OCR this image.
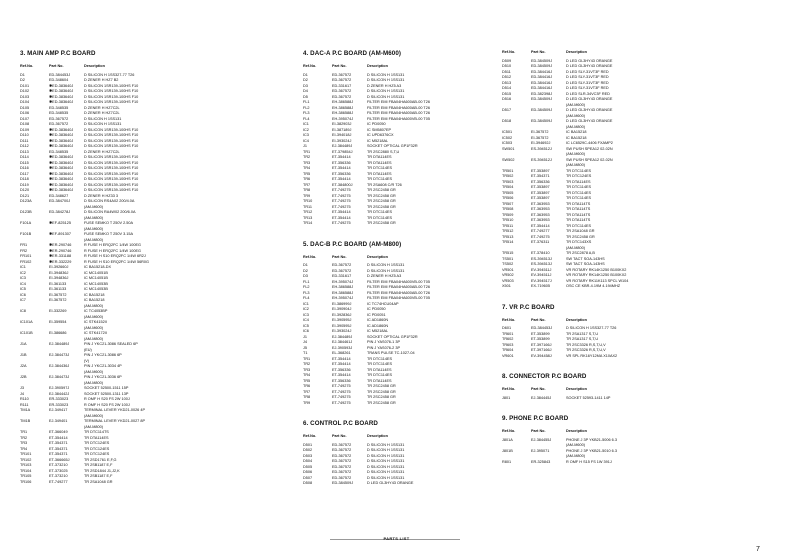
3. MAIN AMP P.C BOARD
Ref.No.	Part No.	Description
D1	ED-384453J	D SILICON H 1SS327-77 T26
D2	ED-348604	D ZENER H HZ7 B2
D101	✱ED-383640J	D SILICON 1SR139-100HS F10
D102	✱ED-383640J	D SILICON 1SR139-100HS F10
D103	✱ED-383640J	D SILICON 1SR139-100HS F10
D104	✱ED-383640J	D SILICON 1SR139-100HS F10
D105	ED-348535	D ZENER H HZ7C2L
D106	ED-348535	D ZENER H HZ7C2L
D107	ED-367572	D SILICON H 1SS131
D108	ED-367572	D SILICON H 1SS131
D109	✱ED-383640J	D SILICON 1SR139-100HS F10
D110	✱ED-383640J	D SILICON 1SR139-100HS F10
D111	✱ED-383640J	D SILICON 1SR139-100HS F10
D112	✱ED-383640J	D SILICON 1SR139-100HS F10
D113	ED-348535	D ZENER H HZ7C2L
D114	✱ED-383640J	D SILICON 1SR139-100HS F10
D115	✱ED-383640J	D SILICON 1SR139-100HS F10
D116	✱ED-383640J	D SILICON 1SR139-100HS F10
D117	✱ED-383640J	D SILICON 1SR139-100HS F10
D118	✱ED-383640J	D SILICON 1SR139-100HS F10
D119	✱ED-383640J	D SILICON 1SR139-100HS F10
D120	✱ED-383640J	D SILICON 1SR139-100HS F10
D121	ED-348627	D ZENER H HZ33 3
D123A	ED-384700J	D SILICON RS4A02 200/4.0A
(AM-M600)
D123B	ED-384278J	D SILICON RA4W02 200/6.0A
(AM-M800)
F101A	✱EF-825125	FUSE SEMKO T 250V 2.50A
(AM-M600)
F101B	✱EF-891307	FUSE SEMKO T 250V 3.15A
(AM-M800)
FR1	✱ER-290746	R FUSE H ERQ2FC 1/4W 100EG
FR2	✱ER-290746	R FUSE H ERQ2FC 1/4W 100EG
FR101	✱ER-331188	R FUSE H S10 ERQ2FC 1/4W 6R2J
FR102	✱ER-332229	R FUSE H S10 ERQ2FC 1/4W 56R0G
IC1	EI-392660J	IC BA15218-DX
IC2	EI-394836J	IC MC14051B
IC3	EI-394836J	IC MC14051B
IC4	EI-361133	IC MC14053B
IC5	EI-361133	IC MC14053B
IC6	EI-367572	IC BA15218
IC7	EI-367572	IC BA15218
(AM-M800)
IC8	EI-332269	IC TC4053BP
(AM-M600)
IC101A	EI-359554	IC STK4152II
(AM-M600)
IC101B	EI-386686	IC STK4172II
(AM-M800)
J1A	EJ-384489J	PIN J YKC21-3086 SEALED 6P
(EU)
J1B	EJ-384473J	PIN J YKC21-3086 6P
(V)
J2A	EJ-384436J	PIN J YKC21-3034 4P
(AM-M600)
J2B	EJ-384473J	PIN J YKC21-3036 6P
(AM-M800)
J3	EJ-390597J	SOCKET 52500-1511 15P
J4	EJ-384442J	SOCKET 52500-1311 13P
R110	ER-333023	R OMF H S20 FS 2W 100J
R111	ER-333023	R OMF H S20 FS 2W 100J
TM1A	EJ-349417	TERMINAL LEVER YKD21-0026 4P
(AM-M600)
TM1B	EJ-349401	TERMINAL LEVER YKD21-0027 8P
(AM-M800)
TR1	ET-366049	TR DTC114TS
TR2	ET-354414	TR DTA114ES
TR3	ET-354371	TR DTC124ES
TR4	ET-354371	TR DTC124ES
TR101	ET-354371	TR DTC124ES
TR102	ET-366665J	TR 2SD1761 E,F,G
TR103	ET-373210	TR 2SB1187 E,F
TR104	ET-373025	TR 2SD1844 J1,J2,K
TR105	ET-373210	TR 2SB1187 E,F
TR106	ET-749277	TR 2SA1048 GR
4. DAC-A P.C BOARD (AM-M600)
Ref.No.	Part No.	Description
D1	ED-367572	D SILICON H 1SS131
D2	ED-367572	D SILICON H 1SS131
D3	ED-331617	D ZENER H HZ5 A3
D4	ED-367572	D SILICON H 1SS131
D5	ED-367572	D SILICON H 1SS131
FL1	EH-386588J	FILTER EMI FBA04HA600AB-00 T26
FL2	EH-386588J	FILTER EMI FBA04HA600AB-00 T26
FL3	EH-386588J	FILTER EMI FBA04HA600AB-00 T26
FL4	EH-395074J	FILTER EMI FBA04HA600VB-00 T05
IC1	EI-382903J	IC PD0050
IC2	EI-387189J	IC SM5807EP
IC3	EI-394018J	IC UPD6376CX
IC4	EI-393024J	IC M5218AL
J1	EJ-384489J	SOCKET OPTICAL GP1F32R
TR1	ET-379854J	TR 2SC2880 S,T,U
TR2	ET-354414	TR DTA114ES
TR3	ET-356336	TR DTA114ES
TR4	ET-354414	TR DTC114ES
TR5	ET-356336	TR DTA114ES
TR6	ET-354414	TR DTC114ES
TR7	ET-384800J	TR 2SA608 C/R T26
TR8	ET-749275	TR 2SC2458 GR
TR9	ET-749275	TR 2SC2458 GR
TR10	ET-749275	TR 2SC2458 GR
TR11	ET-749275	TR 2SC2458 GR
TR12	ET-354414	TR DTC114ES
TR13	ET-354414	TR DTC114ES
TR14	ET-749275	TR 2SC2458 GR
5. DAC-B P.C BOARD (AM-M800)
Ref.No.	Part No.	Description
D1	ED-367572	D SILICON H 1SS131
D2	ED-367572	D SILICON H 1SS131
D3	ED-331617	D ZENER H HZ5 A3
FL1	EH-395074J	FILTER EMI FBA04HA600VB-00 T05
FL2	EH-386588J	FILTER EMI FBA04HA600AB-00 T26
FL3	EH-386588J	FILTER EMI FBA04HA600AB-00 T26
FL4	EH-395074J	FILTER EMI FBA04HA600VB-00 T05
IC1	EI-386999J	IC TC74HCU04AP
IC2	EI-390904J	IC PD0050
IC3	EI-392836J	IC PD0051
IC4	EI-390595J	IC AD1860N
IC5	EI-390595J	IC AD1860N
IC6	EI-393024J	IC M5218AL
J1	EJ-384489J	SOCKET OPTICAL GP1F32R
J4	EJ-384461J	PIN J YAS076-1 3P
J5	EJ-390593J	PIN J YAS076-2 3P
T1	EL-368261	TRANS PULSE TC-1027-04
TR1	ET-354414	TR DTC114ES
TR2	ET-354414	TR DTC114ES
TR3	ET-356336	TR DTA114ES
TR4	ET-354414	TR DTC114ES
TR5	ET-356336	TR DTA114ES
TR6	ET-749275	TR 2SC2458 GR
TR7	ET-749275	TR 2SC2458 GR
TR8	ET-749275	TR 2SC2458 GR
TR9	ET-749275	TR 2SC2458 GR
6. CONTROL P.C BOARD
Ref.No.	Part No.	Description
D501	ED-367572	D SILICON H 1SS131
D502	ED-367572	D SILICON H 1SS131
D503	ED-367572	D SILICON H 1SS131
D504	ED-367572	D SILICON H 1SS131
D505	ED-367572	D SILICON H 1SS131
D506	ED-367572	D SILICON H 1SS131
D507	ED-367572	D SILICON H 1SS131
D508	ED-384509J	D LED GL3HY43 ORANGE
Ref.No.	Part No.	Description
D509	ED-384509J	D LED GL3HY43 ORANGE
D510	ED-384509J	D LED GL3HY43 ORANGE
D511	ED-384416J	D LED SLY-31VT3F RED
D512	ED-384416J	D LED SLY-31VT3F RED
D513	ED-384416J	D LED SLY-31VT3F RED
D514	ED-384416J	D LED SLY-31VT3F RED
D515	ED-382398J	D LED SLR-34VC3F RED
D516	ED-384509J	D LED GL3HY43 ORANGE
(AM-M600)
D517	ED-384509J	D LED GL3HY43 ORANGE
(AM-M600)
D518	ED-384509J	D LED GL3HY43 ORANGE
(AM-M800)
IC501	EI-367572	IC BA15218
IC502	EI-367572	IC BA15218
IC503	EI-394692J	IC LC6529C-4406 FXAMP2
SW501	ES-394512J	SW PUSH SPEA12 02-02N
(AM-M600)
SW502	ES-394512J	SW PUSH SPEA12 02-02N
(AM-M800)
TR501	ET-353897	TR DTC114ES
TR502	ET-354371	TR DTC124ES
TR503	ET-356336	TR DTA114ES
TR504	ET-353897	TR DTC114ES
TR505	ET-353897	TR DTC114ES
TR506	ET-353897	TR DTC114ES
TR507	ET-363953	TR DTA114TS
TR508	ET-363953	TR DTA114TS
TR509	ET-363953	TR DTA114TS
TR510	ET-363953	TR DTA114TS
TR511	ET-354414	TR DTC114ES
TR512	ET-749277	TR 2SA1048 GR
TR513	ET-749275	TR 2SC2458 GR
TR514	ET-376311	TR DTC143XS
(AM-M800)
TR515	ET-378410	TR 2SC2878 A,B
TS501	ES-394513J	SW TACT SOA-143HS
TS502	ES-394513J	SW TACT SOA-143HS
VR501	EV-394511J	VR ROTARY RK14K1250 B100KX2
VR502	EV-394511J	VR ROTARY RK14K1250 B100KX2
VR503	EV-394517J	VR ROTARY RK11K113 SPCL W104
X501	EX-719605	OSC CE KBR-4.19M 4.194MHZ
7. VR P.C BOARD
Ref.No.	Part No.	Description
D601	ED-384453J	D SILICON H 1SS327-77 T26
TR601	ET-353899	TR 2SA1317 S,T,U
TR602	ET-353899	TR 2SA1317 S,T,U
TR603	ET-397166J	TR 2SC3326 R,S,T,U,V
TR604	ET-397166J	TR 2SC3326 R,S,T,U,V
VR601	EV-394458J	VR SPL RK16Y12MA X10AX2
8. CONNECTOR P.C BOARD
Ref.No.	Part No.	Description
J801	EJ-384445J	SOCKET 52593-1411 14P
9. PHONE P.C BOARD
Ref.No.	Part No.	Description
J801A	EJ-384455J	PHONE J 3P YKB21-5006 6.3
(AM-M600)
J801B	EJ-395071	PHONE J 3P YKB21-5010 6.3
(AM-M800)
R801	ER-325843	R OMF H S15 FS 1W 391J
PARTS LIST
7
